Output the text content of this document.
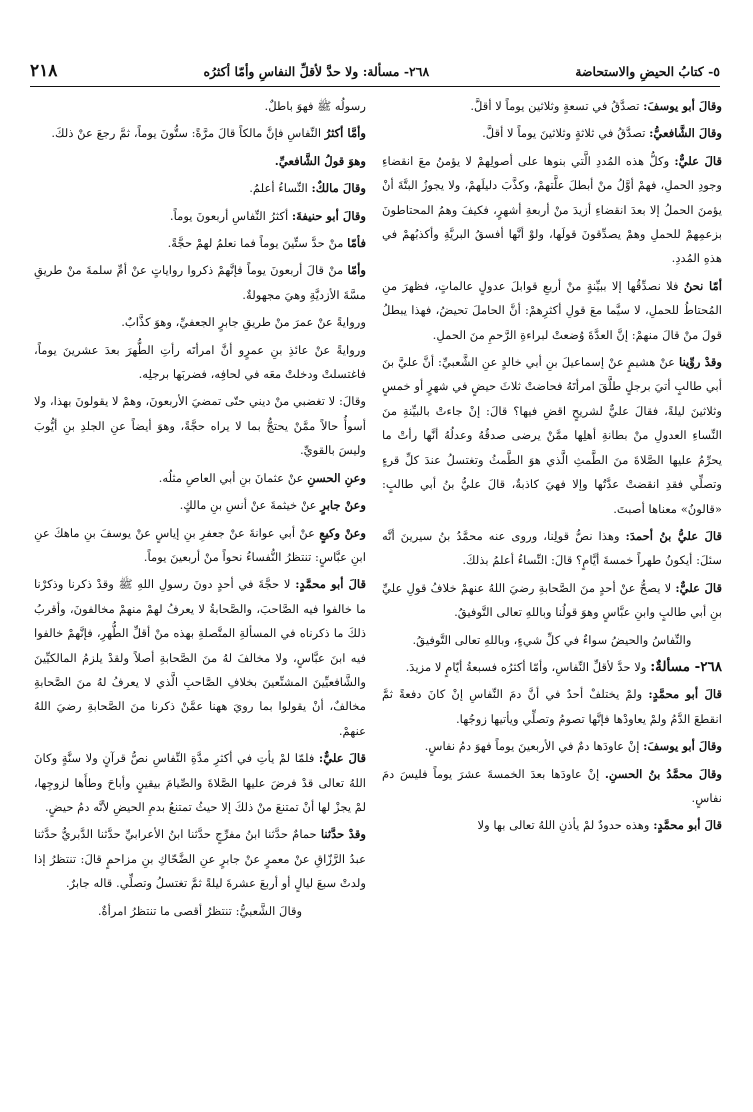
٥- كتابُ الحيضِ والاستحاضة
٢٦٨- مسألة: ولا حدَّ لأقلِّ النفاسِ وأمّا أكثرُه
٢١٨

وقالَ أبو يوسفَ: تصدَّقُ في تسعةٍ وثلاثين يوماً لا أقلَّ.

وقالَ الشَّافعيُّ: تصدَّقُ في ثلاثةٍ وثلاثينَ يوماً لا أقلَّ.

قالَ عليٌّ: وكلُّ هذه المُددِ الَّتي بنوها على أصولِهمْ لا يؤمنُ معَ انقضاءِ وجودِ الحملِ، فهمْ أوَّلُ منْ أبطلَ علَّتهمْ، وكذَّبَ دليلَهمْ، ولا يجوزُ البتَّةَ أنْ يؤمنَ الحملُ إلا بعدَ انقضاءِ أزيدَ منْ أربعةِ أشهرٍ، فكيفَ وهمُ المحتاطونَ بزعمِهمْ للحملِ وهمْ يصدِّقونَ قولَها، ولوْ أنَّها أفسقُ البريَّةِ وأكذبُهمْ في هذهِ المُددِ.

أمّا نحنُ فلا نصدِّقُها إلا ببيِّنةٍ منْ أربعِ قوابلَ عدولٍ عالماتٍ، فظهرَ منِ المُحتاطُ للحملِ، لا سيَّما معَ قولِ أكثرِهمْ: أنَّ الحاملَ تحيضُ، فهذا يبطلُ قولَ منْ قالَ منهمْ: إنَّ العدَّةَ وُضعتْ لبراءةِ الرَّحمِ منَ الحملِ.

وقدْ روِّينا عنْ هشيمٍ عنْ إسماعيلَ بنِ أبي خالدٍ عنِ الشَّعبيِّ: أنَّ عليَّ بنَ أبي طالبٍ أتيَ برجلٍ طلَّقَ امرأتَهُ فحاضتْ ثلاثَ حيضٍ في شهرٍ أو خمسٍ وثلاثينَ ليلةً، فقالَ عليٌّ لشريحٍ اقضِ فيها؟ قالَ: إنْ جاءتْ بالبيِّنةِ منَ النِّساءِ العدولِ منْ بطانةِ أهلِها ممَّنْ يرضى صدقُهُ وعدلُهُ أنَّها رأتْ ما يحرِّمُ عليها الصَّلاةَ منَ الطَّمثِ الَّذي هوَ الطَّمثُ وتغتسلُ عندَ كلِّ قرءٍ وتصلِّي فقدِ انقضتْ عدَّتُها وإلا فهيَ كاذبةٌ، قالَ عليُّ بنُ أبي طالبٍ: «قالونُ» معناها أصبتَ.

قالَ عليُّ بنُ أحمدَ: وهذا نصُّ قولِنا، وروى عنه محمَّدُ بنُ سيرينَ أنَّه سئلَ: أيكونُ طهراً خمسةَ أيَّامٍ؟ قالَ: النِّساءُ أعلمُ بذلكَ.

قالَ عليٌّ: لا يصحُّ عنْ أحدٍ منَ الصَّحابةِ رضيَ اللهُ عنهمْ خلافُ قولِ عليِّ بنِ أبي طالبٍ وابنِ عبَّاسٍ وهوَ قولُنا وباللهِ تعالى التَّوفيقُ.

والنِّفاسُ والحيضُ سواءٌ في كلِّ شيءٍ، وباللهِ تعالى التَّوفيقُ.

٢٦٨- مسألةٌ: ولا حدَّ لأقلِّ النِّفاسِ، وأمّا أكثرُه فسبعةُ أيّامٍ لا مزيدَ.

قالَ أبو محمَّدٍ: ولمْ يختلفْ أحدٌ في أنَّ دمَ النِّفاسِ إنْ كانَ دفعةً ثمَّ انقطعَ الدَّمُ ولمْ يعاودْها فإنَّها تصومُ وتصلِّي ويأتيها زوجُها.

وقالَ أبو يوسفَ: إنْ عاودَها دمٌ في الأربعينَ يوماً فهوَ دمُ نفاسٍ.

وقالَ محمَّدُ بنُ الحسنِ. إنْ عاودَها بعدَ الخمسةَ عشرَ يوماً فليسَ دمَ نفاسٍ.

قالَ أبو محمَّدٍ: وهذه حدودٌ لمْ يأذنِ اللهُ تعالى بها ولا

رسولُه ﷺ فهوَ باطلٌ.

وأمَّا أكثرُ النِّفاسِ فإنَّ مالكاً قالَ مرَّةً: ستُّونَ يوماً، ثمَّ رجعَ عنْ ذلكَ.

وهوَ قولُ الشَّافعيِّ.

وقالَ مالكٌ: النِّساءُ أعلمُ.

وقالَ أبو حنيفةَ: أكثرُ النِّفاسِ أربعونَ يوماً.

فأمّا منْ حدَّ ستِّينَ يوماً فما نعلمُ لهمْ حجَّةً.

وأمّا منْ قالَ أربعونَ يوماً فإنَّهمْ ذكروا رواياتٍ عنْ أمِّ سلمةَ منْ طريقِ مسَّةَ الأزديَّةِ وهيَ مجهولةٌ.

وروايةً عنْ عمرَ منْ طريقِ جابرٍ الجعفيِّ، وهوَ كذَّابٌ.

وروايةً عنْ عائذِ بنِ عمرٍو أنَّ امرأتَه رأتِ الطُّهرَ بعدَ عشرينَ يوماً، فاغتسلتْ ودخلتْ معَه في لحافِه، فضربَها برجلِه.

وقالَ: لا تغضبي منْ ديني حتّى تمضيَ الأربعونَ، وهمْ لا يقولونَ بهذا، ولا أسوأُ حالاً ممَّنْ يحتجُّ بما لا يراه حجَّةً، وهوَ أيضاً عنِ الجلدِ بنِ أيُّوبَ وليسَ بالقويِّ.

وعنِ الحسنِ عنْ عثمانَ بنِ أبي العاصِ مثلُه.

وعنْ جابرٍ عنْ خيثمةَ عنْ أنسِ بنِ مالكٍ.

وعنْ وكيعٍ عنْ أبي عوانةَ عنْ جعفرِ بنِ إياسٍ عنْ يوسفَ بنِ ماهكَ عنِ ابنِ عبَّاسٍ: تنتظرُ النُّفساءُ نحواً منْ أربعينَ يوماً.

قالَ أبو محمَّدٍ: لا حجَّةَ في أحدٍ دونَ رسولِ اللهِ ﷺ وقدْ ذكرنا وذكرْنا ما خالفوا فيه الصَّاحبَ، والصَّحابةُ لا يعرفُ لهمْ منهمْ مخالفونَ، وأقربُ ذلكَ ما ذكرناه في المسألةِ المتَّصلةِ بهذه منْ أقلِّ الطُّهرِ، فإنَّهمْ خالفوا فيه ابنَ عبَّاسٍ، ولا مخالفَ لهُ منَ الصَّحابةِ أصلاً ولقدْ يلزمُ المالكيِّينَ والشَّافعيِّينَ المشنِّعينَ بخلافِ الصَّاحبِ الَّذي لا يعرفُ لهُ منَ الصَّحابةِ مخالفٌ، أنْ يقولوا بما رويَ ههنا عمَّنْ ذكرنا منَ الصَّحابةِ رضيَ اللهُ عنهمْ.

قالَ عليٌّ: فلمّا لمْ يأتِ في أكثرِ مدَّةِ النِّفاسِ نصُّ قرآنٍ ولا سنَّةٍ وكانَ اللهُ تعالى قدْ فرضَ عليها الصَّلاةَ والصِّيامَ بيقينٍ وأباحَ وطأَها لزوجِها، لمْ يجزْ لها أنْ تمتنعَ منْ ذلكَ إلا حيثُ تمتنعُ بدمِ الحيضِ لأنَّه دمُ حيضٍ.

وقدْ حدَّثنا حمامٌ حدَّثنا ابنُ مفرِّجٍ حدَّثنا ابنُ الأعرابيِّ حدَّثنا الدَّبريُّ حدَّثنا عبدُ الرَّزّاقِ عنْ معمرٍ عنْ جابرٍ عنِ الضَّحّاكِ بنِ مزاحمٍ قالَ: تنتظرُ إذا ولدتْ سبعَ ليالٍ أو أربعَ عشرةَ ليلةً ثمَّ تغتسلُ وتصلِّي. قاله جابرٌ.

وقالَ الشَّعبيُّ: تنتظرُ أقصى ما تنتظرُ امرأةٌ.
